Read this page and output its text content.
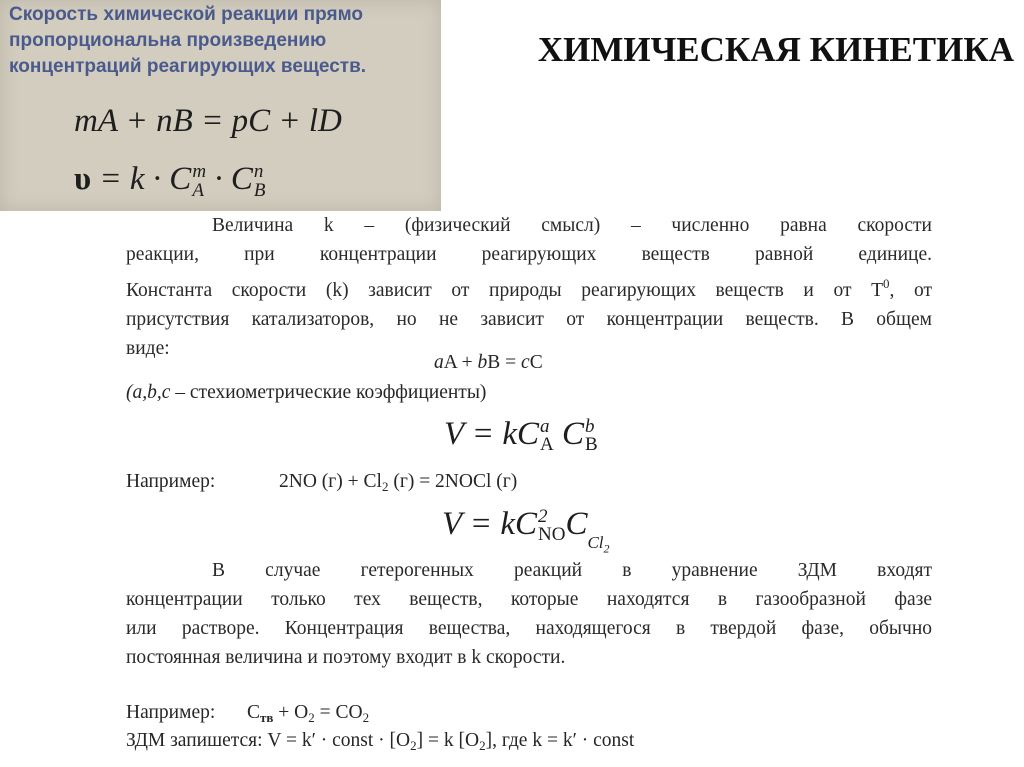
Скорость химической реакции прямо
пропорциональна произведению
концентраций реагирующих веществ.
mA + nB = pC + lD
υ = k · C m
A · C n
B
ХИМИЧЕСКАЯ КИНЕТИКА
Величина k – (физический смысл) – численно равна скорости
реакции, при концентрации реагирующих веществ равной единице.
Константа скорости (k) зависит от природы реагирующих веществ и от $T^0$, от
присутствия катализаторов, но не зависит от концентрации веществ. В общем
виде:
aA + bB = cC
(a,b,c – стехиометрические коэффициенты)
V = kC a
A C b
B
Например:	2NO $(г) + Cl_2$ (г) = 2NOCl (г)
V = kC 2
NO $C_{Cl_2}$
В случае гетерогенных реакций в уравнение ЗДМ входят
концентрации только тех веществ, которые находятся в газообразной фазе
или растворе. Концентрация вещества, находящегося в твердой фазе, обычно
постоянная величина и поэтому входит в k скорости.
Например: $C_{тв} + O_2 = CO_2$
ЗДМ запишется: V = k′ · const · $[O_2] = k$ $[O_2]$, где k = k′ · const
